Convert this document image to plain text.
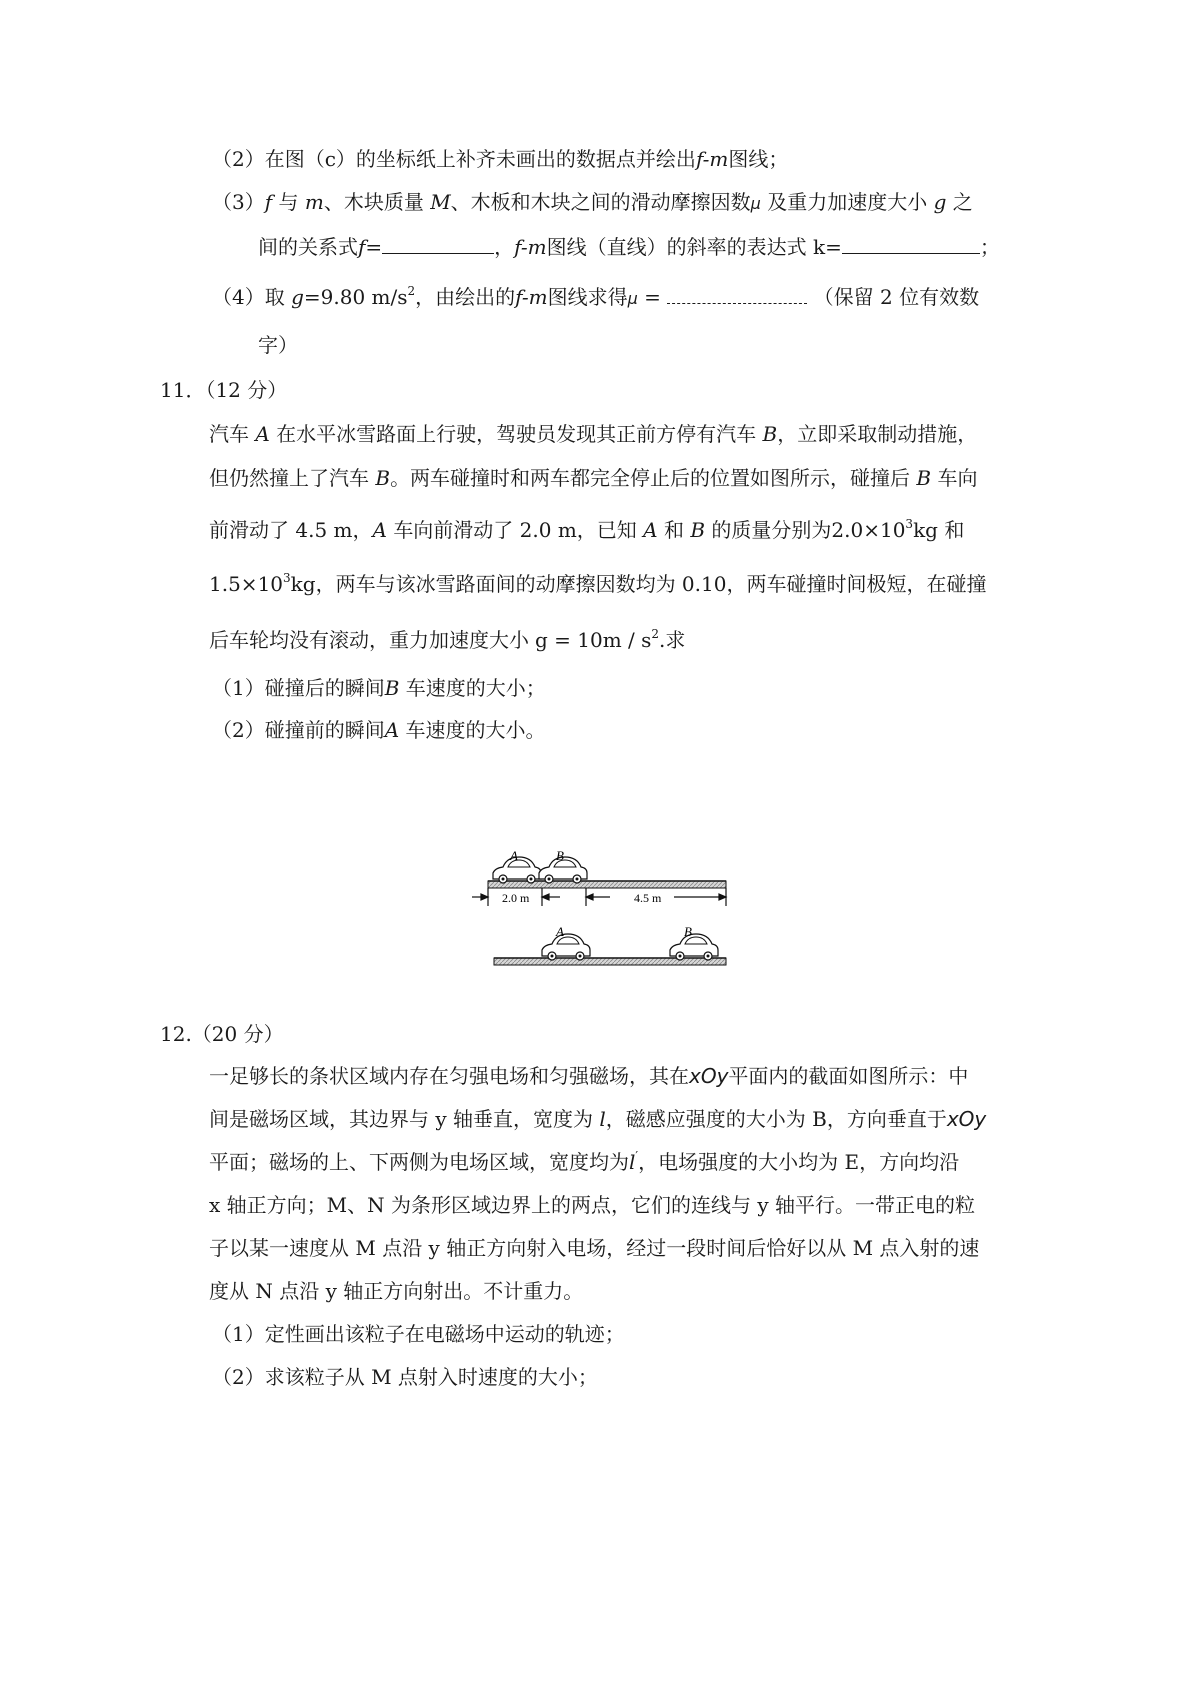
（2）在图（c）的坐标纸上补齐未画出的数据点并绘出f-m图线；
（3）f 与 m、木块质量 M、木板和木块之间的滑动摩擦因数μ 及重力加速度大小 g 之
间的关系式f=	，f-m图线（直线）的斜率的表达式 k=	；
（4）取 g=9.80 $m/s^2$，由绘出的f-m图线求得μ =	（保留 2 位有效数
字）
11．（12 分）
汽车 A 在水平冰雪路面上行驶，驾驶员发现其正前方停有汽车 B，立即采取制动措施，
但仍然撞上了汽车 B。两车碰撞时和两车都完全停止后的位置如图所示，碰撞后 B 车向
前滑动了 4.5 m，A 车向前滑动了 2.0 m，已知 A 和 B 的质量分别为$2.0\times 10^3kg$ 和
$1.5\times 10^3kg$，两车与该冰雪路面间的动摩擦因数均为 0.10，两车碰撞时间极短，在碰撞
后车轮均没有滚动，重力加速度大小 $g = 10m / s^2$.求
（1）碰撞后的瞬间B 车速度的大小；
（2）碰撞前的瞬间A 车速度的大小。
A	B
2.0 m	4.5 m
A	B
12.（20 分）
一足够长的条状区域内存在匀强电场和匀强磁场，其在xOy平面内的截面如图所示：中
间是磁场区域，其边界与 y 轴垂直，宽度为 l，磁感应强度的大小为 B，方向垂直于xOy
平面；磁场的上、下两侧为电场区域，宽度均为l′，电场强度的大小均为 E，方向均沿
x 轴正方向；M、N 为条形区域边界上的两点，它们的连线与 y 轴平行。一带正电的粒
子以某一速度从 M 点沿 y 轴正方向射入电场，经过一段时间后恰好以从 M 点入射的速
度从 N 点沿 y 轴正方向射出。不计重力。
（1）定性画出该粒子在电磁场中运动的轨迹；
（2）求该粒子从 M 点射入时速度的大小；
